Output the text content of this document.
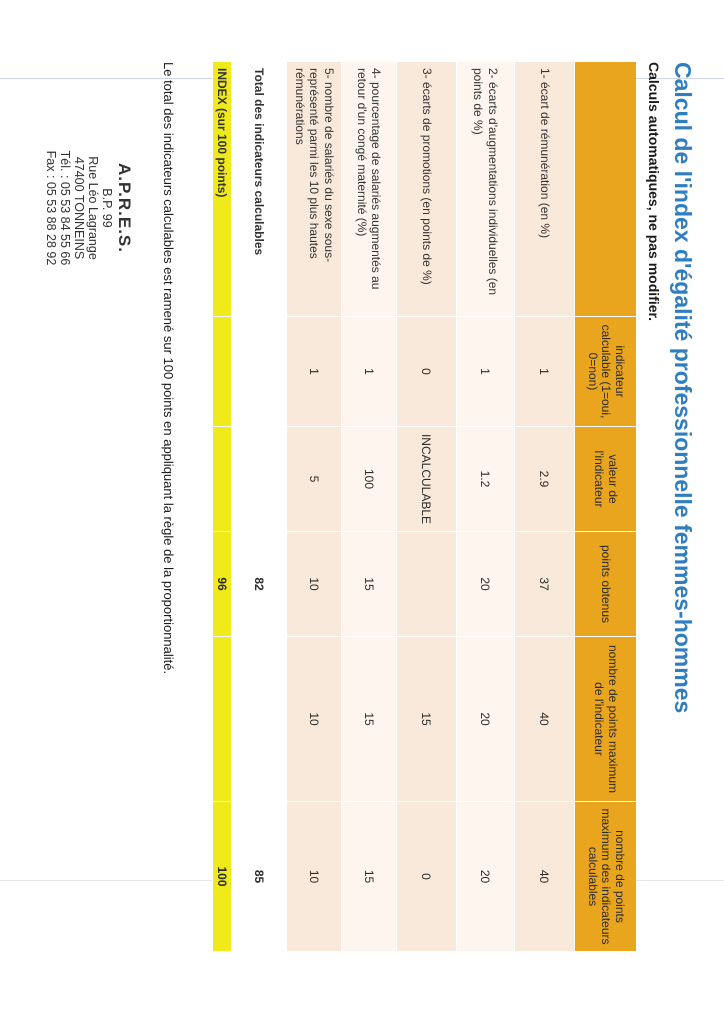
Calcul de l'index d'égalité professionnelle femmes-hommes
Calculs automatiques, ne pas modifier.
indicateur calculable (1=oui, 0=non)
valeur de l'indicateur
points obtenus
nombre de points maximum de l'indicateur
nombre de points maximum des indicateurs calculables
1- écart de rémunération (en %)
1
2.9
37
40
40
2- écarts d'augmentations individuelles (en points de %)
1
1.2
20
20
20
3- écarts de promotions (en points de %)
0
INCALCULABLE
15
0
4- pourcentage de salariés augmentés au retour d'un congé maternité (%)
1
100
15
15
15
5- nombre de salariés du sexe sous-représenté parmi les 10 plus hautes rémunérations
1
5
10
10
10
Total des indicateurs calculables
82
85
INDEX (sur 100 points)
96
100
Le total des indicateurs calculables est ramené sur 100 points en appliquant la règle de la proportionnalité.
A.P.R.E.S.
B.P. 99
Rue Léo Lagrange
47400 TONNEINS
Tél. : 05 53 84 55 66
Fax : 05 53 88 28 92
